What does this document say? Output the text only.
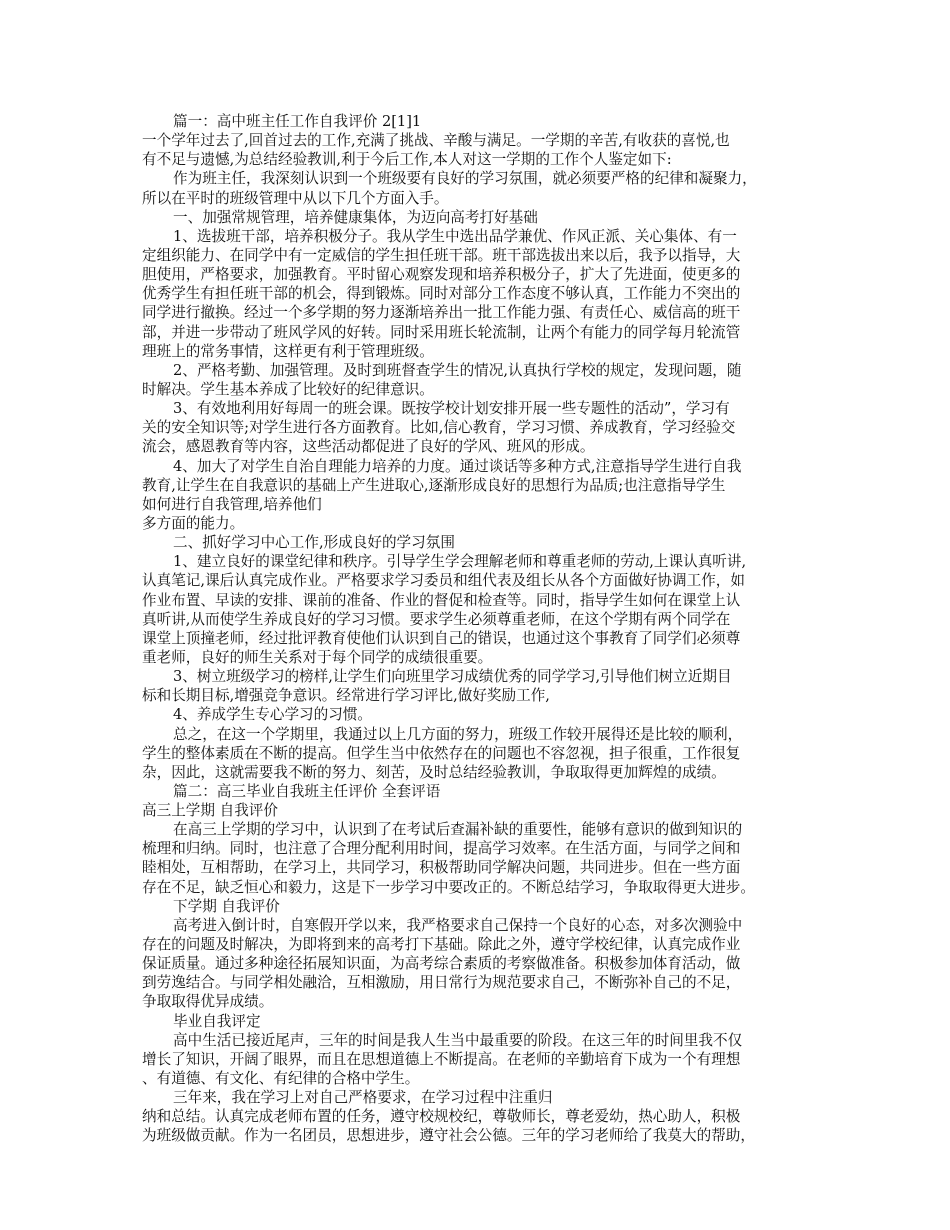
篇一：高中班主任工作自我评价 2[1]1
一个学年过去了,回首过去的工作,充满了挑战、辛酸与满足。一学期的辛苦,有收获的喜悦,也
有不足与遗憾,为总结经验教训,利于今后工作,本人对这一学期的工作个人鉴定如下:
作为班主任，我深刻认识到一个班级要有良好的学习氛围，就必须要严格的纪律和凝聚力，
所以在平时的班级管理中从以下几个方面入手。
一、加强常规管理，培养健康集体，为迈向高考打好基础
1、选拔班干部，培养积极分子。我从学生中选出品学兼优、作风正派、关心集体、有一
定组织能力、在同学中有一定威信的学生担任班干部。班干部选拔出来以后，我予以指导，大
胆使用，严格要求，加强教育。平时留心观察发现和培养积极分子，扩大了先进面，使更多的
优秀学生有担任班干部的机会，得到锻炼。同时对部分工作态度不够认真，工作能力不突出的
同学进行撤换。经过一个多学期的努力逐渐培养出一批工作能力强、有责任心、威信高的班干
部，并进一步带动了班风学风的好转。同时采用班长轮流制，让两个有能力的同学每月轮流管
理班上的常务事情，这样更有利于管理班级。
2、严格考勤、加强管理。及时到班督查学生的情况,认真执行学校的规定，发现问题，随
时解决。学生基本养成了比较好的纪律意识。
3、有效地利用好每周一的班会课。既按学校计划安排开展一些专题性的活动”，学习有
关的安全知识等;对学生进行各方面教育。比如,信心教育，学习习惯、养成教育，学习经验交
流会，感恩教育等内容，这些活动都促进了良好的学风、班风的形成。
4、加大了对学生自治自理能力培养的力度。通过谈话等多种方式,注意指导学生进行自我
教育,让学生在自我意识的基础上产生进取心,逐渐形成良好的思想行为品质;也注意指导学生
如何进行自我管理,培养他们
多方面的能力。
二、抓好学习中心工作,形成良好的学习氛围
1、建立良好的课堂纪律和秩序。引导学生学会理解老师和尊重老师的劳动,上课认真听讲,
认真笔记,课后认真完成作业。严格要求学习委员和组代表及组长从各个方面做好协调工作，如
作业布置、早读的安排、课前的准备、作业的督促和检查等。同时，指导学生如何在课堂上认
真听讲,从而使学生养成良好的学习习惯。要求学生必须尊重老师，在这个学期有两个同学在
课堂上顶撞老师，经过批评教育使他们认识到自己的错误，也通过这个事教育了同学们必须尊
重老师，良好的师生关系对于每个同学的成绩很重要。
3、树立班级学习的榜样,让学生们向班里学习成绩优秀的同学学习,引导他们树立近期目
标和长期目标,增强竞争意识。经常进行学习评比,做好奖励工作,
4、养成学生专心学习的习惯。
总之，在这一个学期里，我通过以上几方面的努力，班级工作较开展得还是比较的顺利，
学生的整体素质在不断的提高。但学生当中依然存在的问题也不容忽视，担子很重，工作很复
杂，因此，这就需要我不断的努力、刻苦，及时总结经验教训，争取取得更加辉煌的成绩。
篇二：高三毕业自我班主任评价 全套评语
高三上学期 自我评价
在高三上学期的学习中，认识到了在考试后查漏补缺的重要性，能够有意识的做到知识的
梳理和归纳。同时，也注意了合理分配利用时间，提高学习效率。在生活方面，与同学之间和
睦相处，互相帮助，在学习上，共同学习，积极帮助同学解决问题，共同进步。但在一些方面
存在不足，缺乏恒心和毅力，这是下一步学习中要改正的。不断总结学习，争取取得更大进步。
下学期 自我评价
高考进入倒计时，自寒假开学以来，我严格要求自己保持一个良好的心态，对多次测验中
存在的问题及时解决，为即将到来的高考打下基础。除此之外，遵守学校纪律，认真完成作业
保证质量。通过多种途径拓展知识面，为高考综合素质的考察做准备。积极参加体育活动，做
到劳逸结合。与同学相处融洽，互相激励，用日常行为规范要求自己，不断弥补自己的不足，
争取取得优异成绩。
毕业自我评定
高中生活已接近尾声，三年的时间是我人生当中最重要的阶段。在这三年的时间里我不仅
增长了知识，开阔了眼界，而且在思想道德上不断提高。在老师的辛勤培育下成为一个有理想
、有道德、有文化、有纪律的合格中学生。
三年来，我在学习上对自己严格要求，在学习过程中注重归
纳和总结。认真完成老师布置的任务，遵守校规校纪，尊敬师长，尊老爱幼，热心助人，积极
为班级做贡献。作为一名团员，思想进步，遵守社会公德。三年的学习老师给了我莫大的帮助，
